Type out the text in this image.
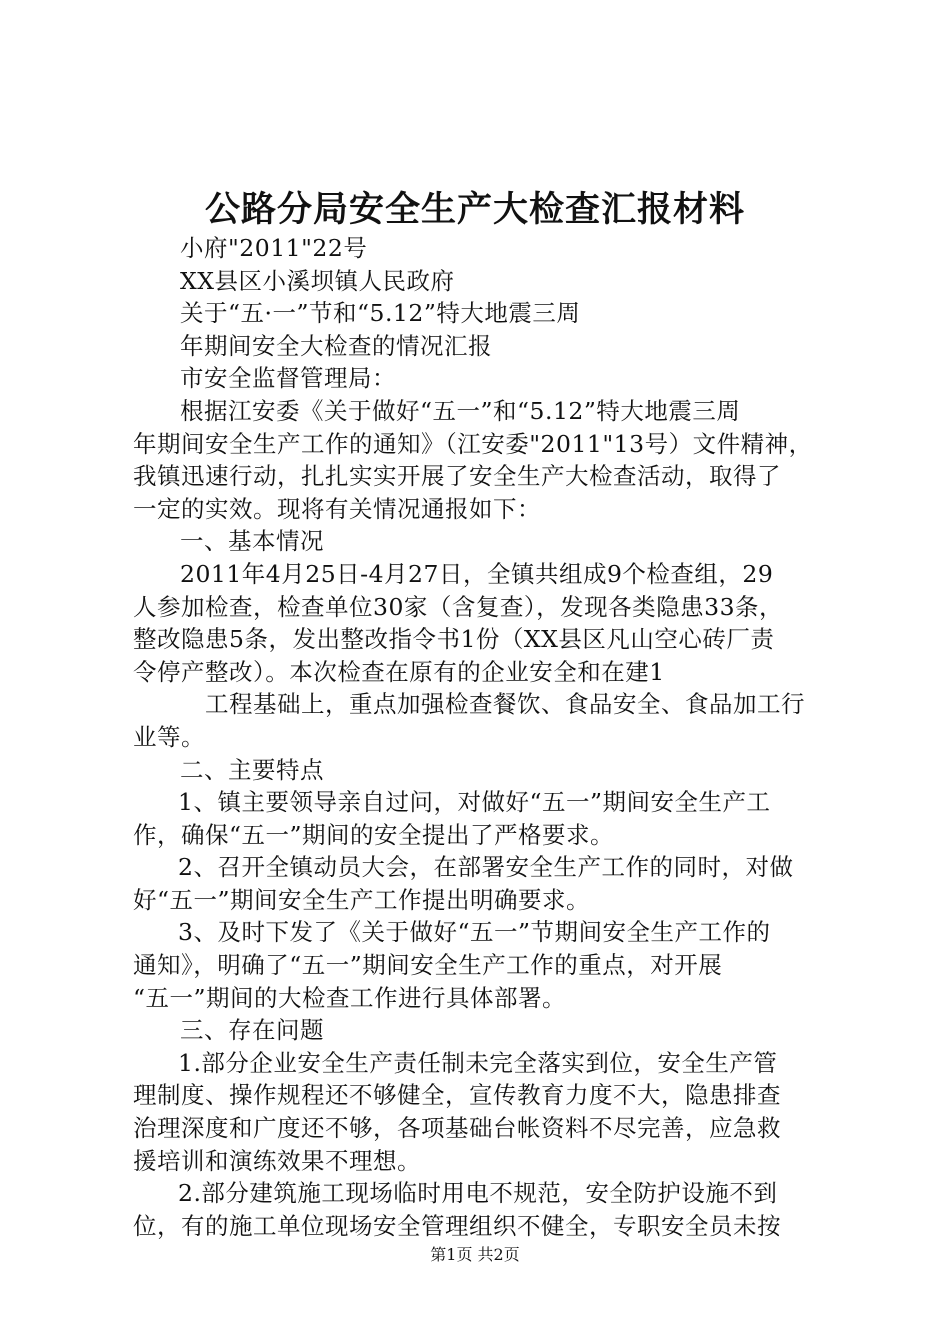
公路分局安全生产大检查汇报材料
小府"2011"22号
XX县区小溪坝镇人民政府
关于“五·一”节和“5.12”特大地震三周
年期间安全大检查的情况汇报
市安全监督管理局：
根据江安委《关于做好“五一”和“5.12”特大地震三周
年期间安全生产工作的通知》（江安委"2011"13号）文件精神，
我镇迅速行动，扎扎实实开展了安全生产大检查活动，取得了
一定的实效。现将有关情况通报如下：
一、基本情况
2011年4月25日-4月27日，全镇共组成9个检查组，29
人参加检查，检查单位30家（含复查），发现各类隐患33条，
整改隐患5条，发出整改指令书1份（XX县区凡山空心砖厂责
令停产整改）。本次检查在原有的企业安全和在建1
工程基础上，重点加强检查餐饮、食品安全、食品加工行
业等。
二、主要特点
1、镇主要领导亲自过问，对做好“五一”期间安全生产工
作，确保“五一”期间的安全提出了严格要求。
2、召开全镇动员大会，在部署安全生产工作的同时，对做
好“五一”期间安全生产工作提出明确要求。
3、及时下发了《关于做好“五一”节期间安全生产工作的
通知》，明确了“五一”期间安全生产工作的重点，对开展
“五一”期间的大检查工作进行具体部署。
三、存在问题
1.部分企业安全生产责任制未完全落实到位，安全生产管
理制度、操作规程还不够健全，宣传教育力度不大，隐患排查
治理深度和广度还不够，各项基础台帐资料不尽完善，应急救
援培训和演练效果不理想。
2.部分建筑施工现场临时用电不规范，安全防护设施不到
位，有的施工单位现场安全管理组织不健全，专职安全员未按
第1页 共2页
